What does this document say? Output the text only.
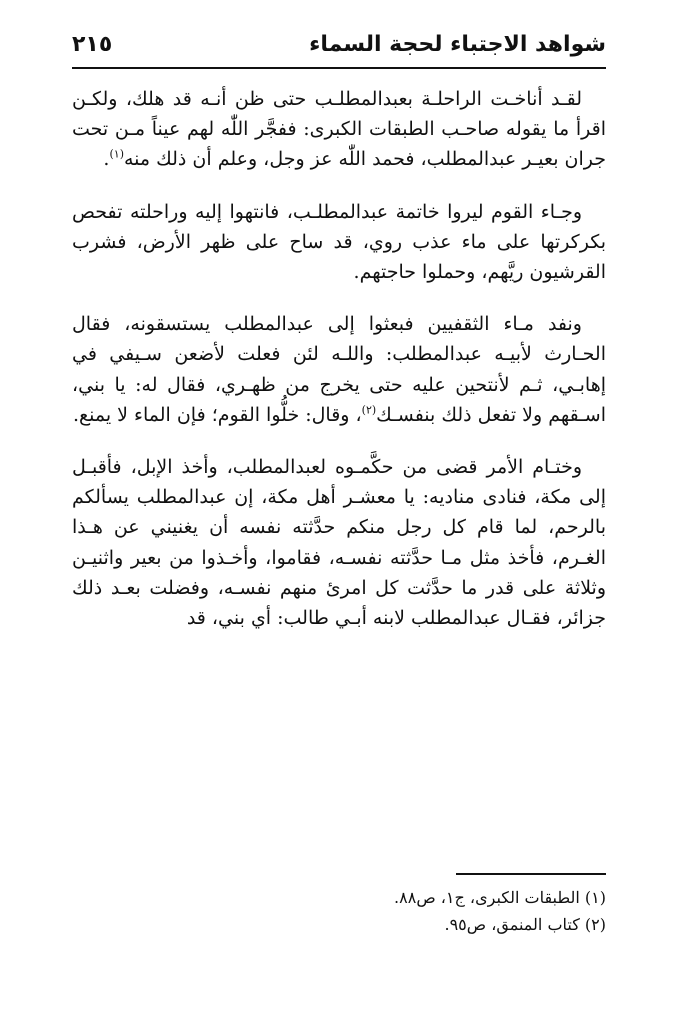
شواهد الاجتباء لحجة السماء
٢١٥

لقـد أناخـت الراحلـة بعبدالمطلـب حتى ظن أنـه قد هلك، ولكـن اقرأ ما يقوله صاحـب الطبقات الكبرى: ففجَّر اللّٰه لهم عيناً مـن تحت جران بعيـر عبدالمطلب، فحمد اللّٰه عز وجل، وعلم أن ذلك منه$^{(١)}$.

وجـاء القوم ليروا خاتمة عبدالمطلـب، فانتهوا إليه وراحلته تفحص بكركرتها على ماء عذب روي، قد ساح على ظهر الأرض، فشرب القرشيون ريَّهم، وحملوا حاجتهم.

ونفد مـاء الثقفيين فبعثوا إلى عبدالمطلب يستسقونه، فقال الحـارث لأبيـه عبدالمطلب: واللـه لئن فعلت لأضعن سـيفي في إهابـي، ثـم لأنتحين عليه حتى يخرج من ظهـري، فقال له: يا بني، اسـقهم ولا تفعل ذلك بنفسـك$^{(٢)}$، وقال: خلُّوا القوم؛ فإن الماء لا يمنع.

وختـام الأمر قضى من حكَّمـوه لعبدالمطلب، وأخذ الإبل، فأقبـل إلى مكة، فنادى مناديه: يا معشـر أهل مكة، إن عبدالمطلب يسألكم بالرحم، لما قام كل رجل منكم حدَّثته نفسه أن يغنيني عن هـذا الغـرم، فأخذ مثل مـا حدَّثته نفسـه، فقاموا، وأخـذوا من بعير واثنيـن وثلاثة على قدر ما حدَّثت كل امرئ منهم نفسـه، وفضلت بعـد ذلك جزائر، فقـال عبدالمطلب لابنه أبـي طالب: أي بني، قد

(١) الطبقات الكبرى، ج١، ص٨٨.

(٢) كتاب المنمق، ص٩٥.
